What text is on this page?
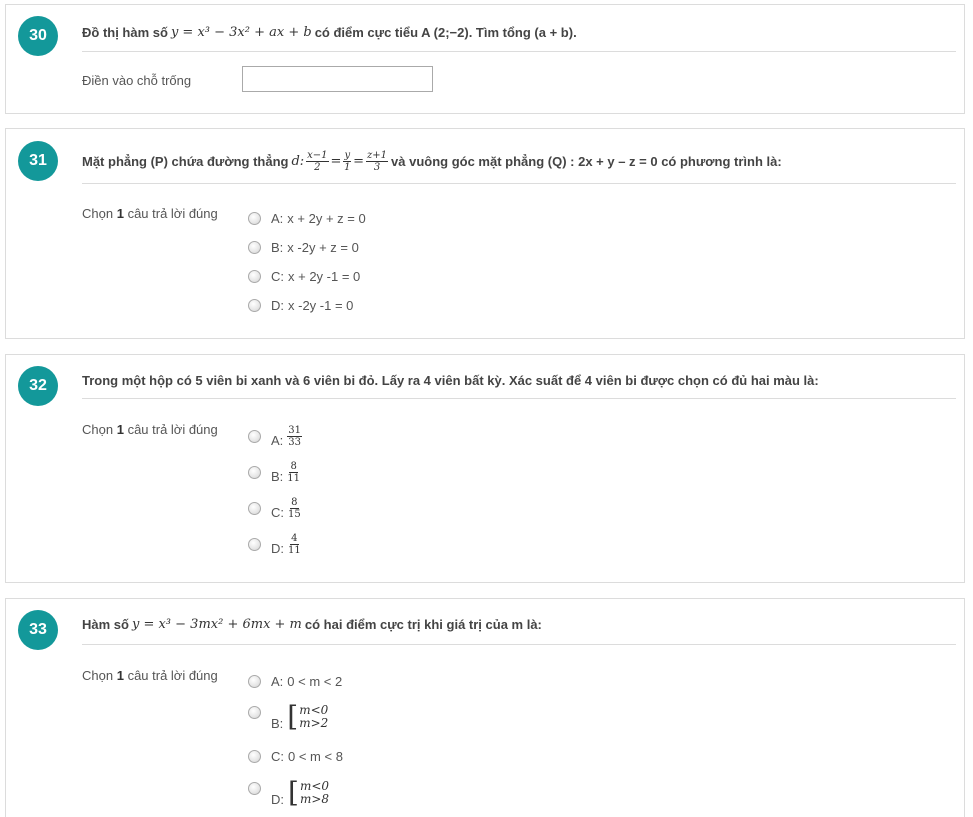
30	Đồ thị hàm số y = x³ − 3x² + ax + b có điểm cực tiểu A (2;−2). Tìm tổng (a + b).
Điền vào chỗ trống
31	Mặt phẳng (P) chứa đường thẳng d: $\frac{x-1}{2} = \frac{y}{1} = \frac{z+1}{3}$ và vuông góc mặt phẳng (Q) : 2x + y – z = 0 có phương trình là:
Chọn 1 câu trả lời đúng	A: x + 2y + z = 0
B: x -2y + z = 0
C: x + 2y -1 = 0
D: x -2y -1 = 0
32	Trong một hộp có 5 viên bi xanh và 6 viên bi đỏ. Lấy ra 4 viên bất kỳ. Xác suất để 4 viên bi được chọn có đủ hai màu là:
Chọn 1 câu trả lời đúng
A: $\frac{31}{33}$
B: $\frac{8}{11}$
C: $\frac{8}{15}$
D: $\frac{4}{11}$
33	Hàm số y = x³ − 3mx² + 6mx + m có hai điểm cực trị khi giá trị của m là:
Chọn 1 câu trả lời đúng	A: 0 < m < 2
B: [ m<0
m>2
C: 0 < m < 8
D: [ m<0
m>8
